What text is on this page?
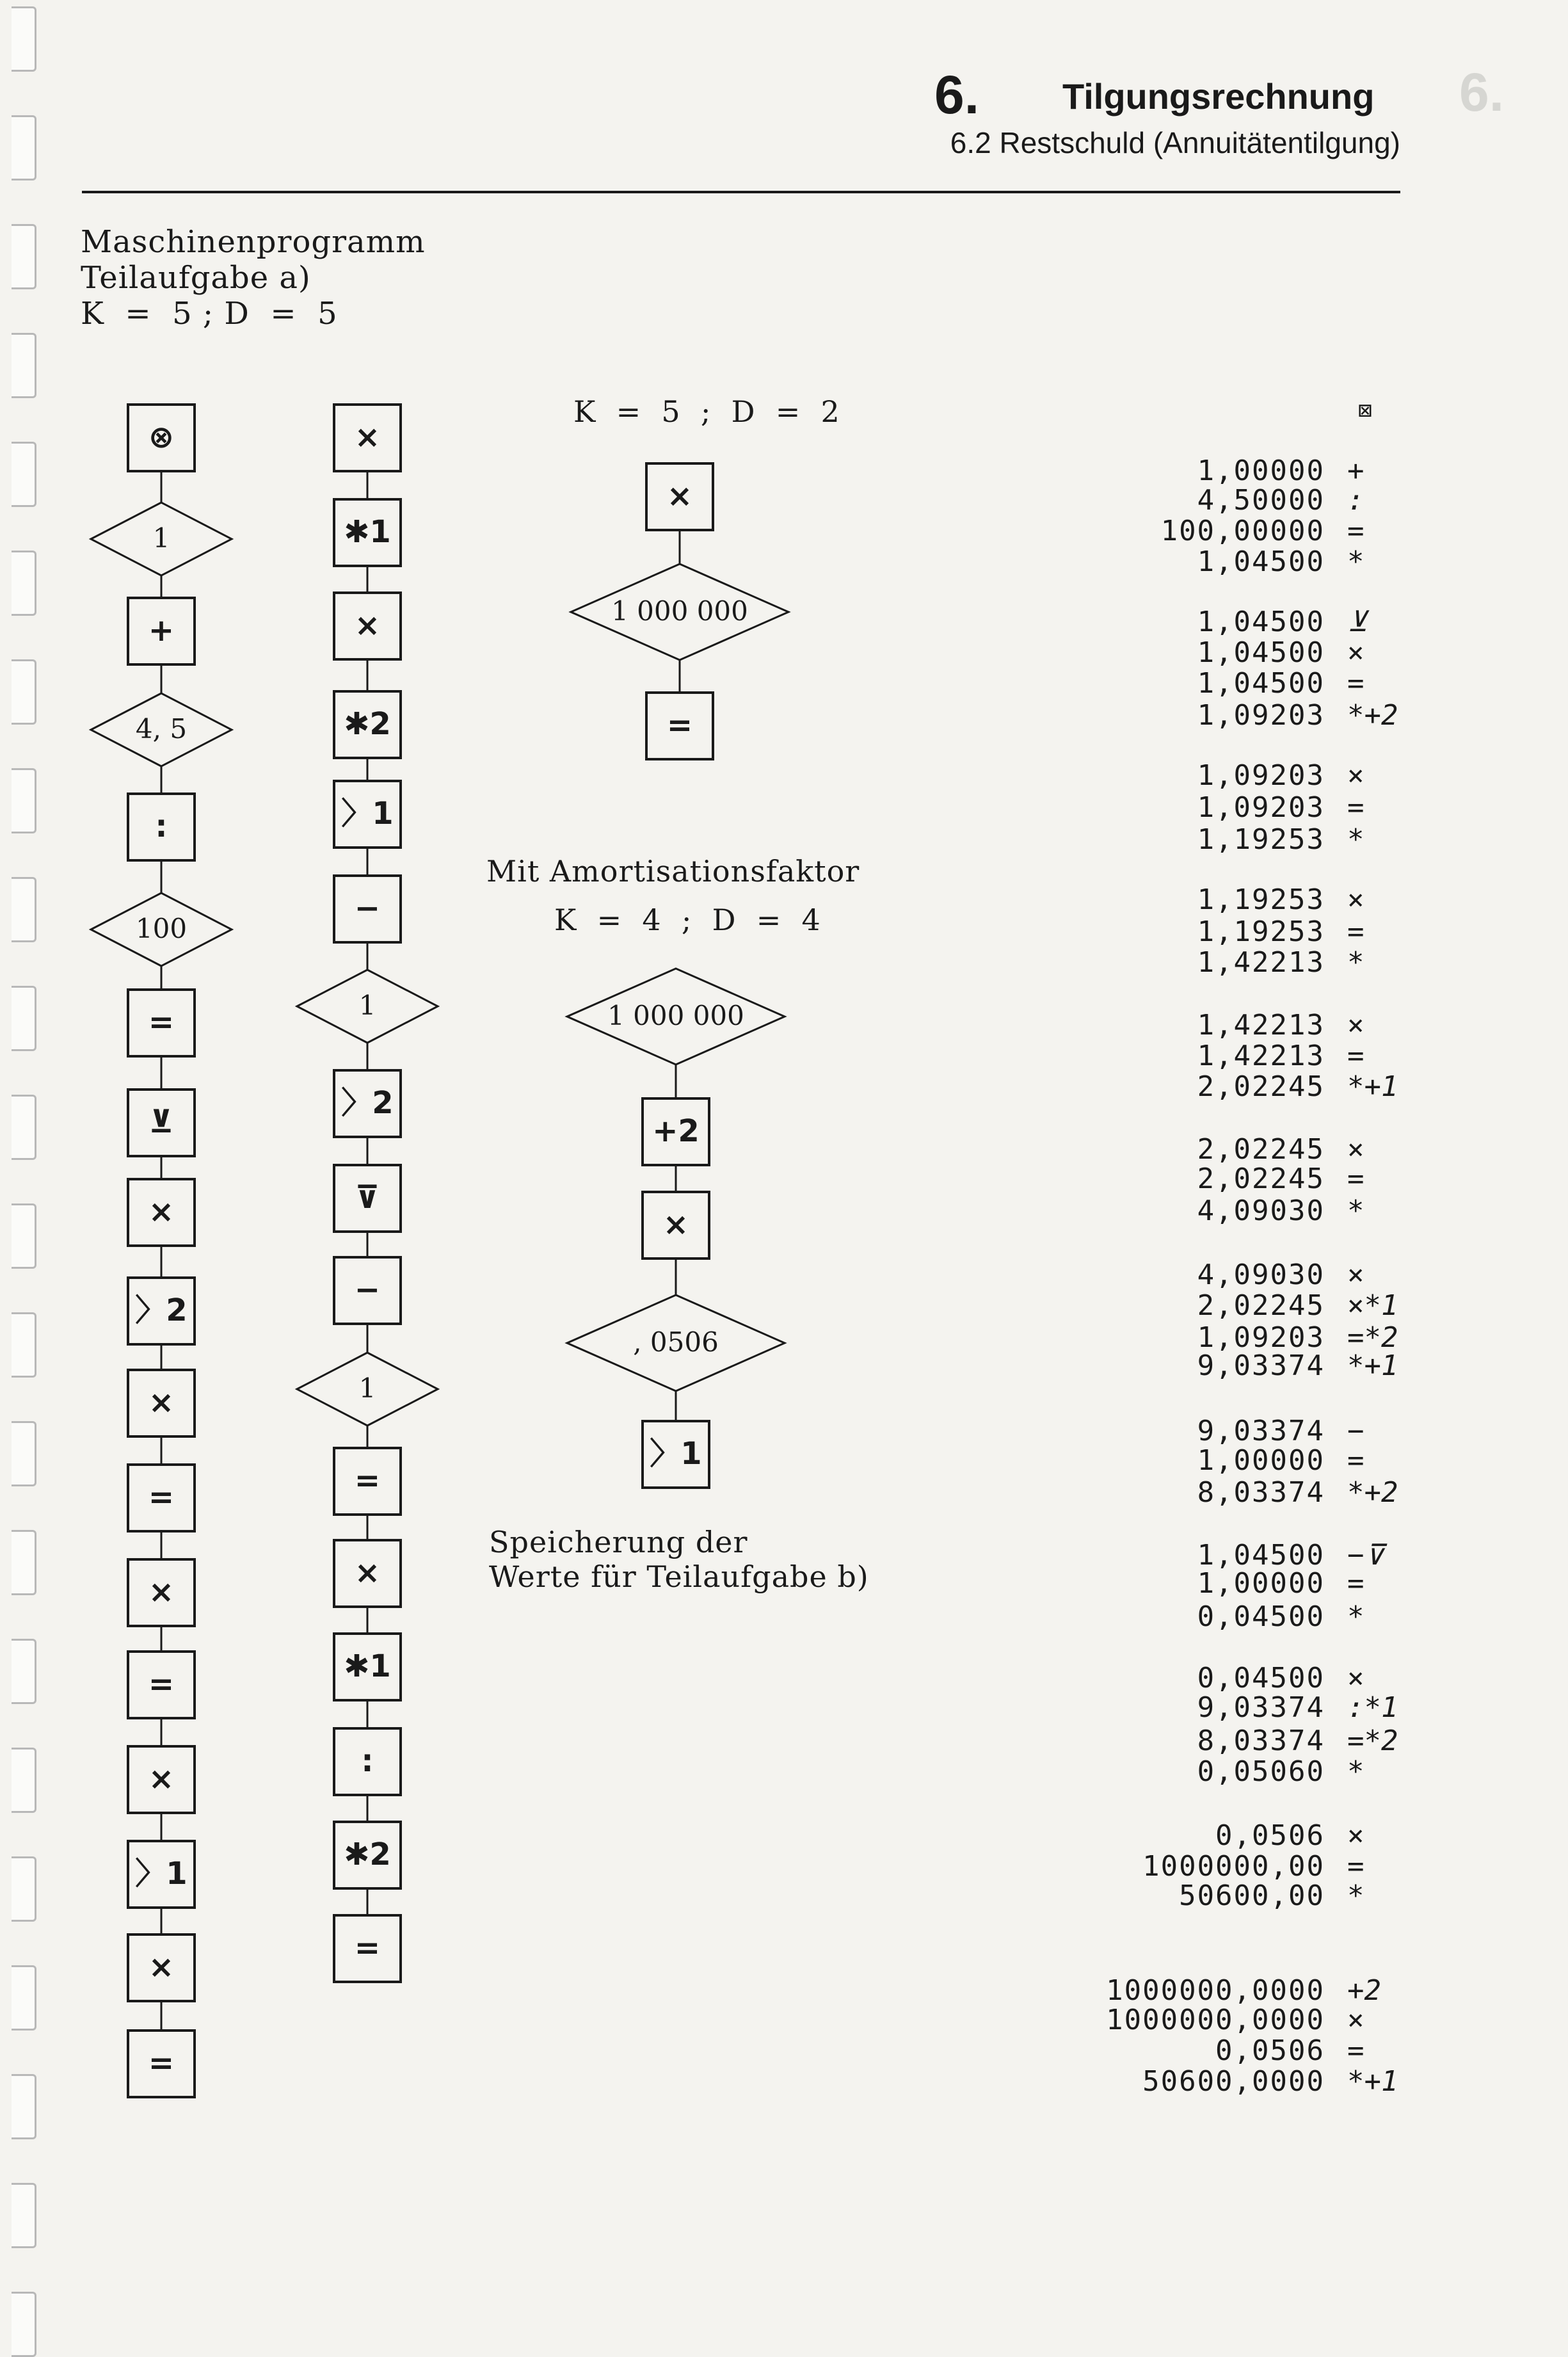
6.
6. Tilgungsrechnung
6.2 Restschuld (Annuitätentilgung)
Maschinenprogramm
Teilaufgabe a)
K  =  5 ; D  =  5
K  =  5  ;  D  =  2
Mit Amortisationsfaktor
K  =  4  ;  D  =  4
Speicherung der
Werte für Teilaufgabe b)
⊗
1
+
4, 5
:
100
=
⊻
×
〉2
×
=
×
=
×
〉1
×
=
×
✱1
×
✱2
〉1
−
1
〉2
⊽
−
1
=
×
✱1
:
✱2
=
×
1 000 000
=
1 000 000
+2
×
, 0506
〉1

⊠

1,00000 +
4,50000 :
100,00000 =
1,04500 *
1,04500 ⊻
1,04500 ×
1,04500 =
1,09203 *+2
1,09203 ×
1,09203 =
1,19253 *
1,19253 ×
1,19253 =
1,42213 *
1,42213 ×
1,42213 =
2,02245 *+1
2,02245 ×
2,02245 =
4,09030 *
4,09030 ×
2,02245 ×*1
1,09203 =*2
9,03374 *+1
9,03374 −
1,00000 =
8,03374 *+2
1,04500 −⊽
1,00000 =
0,04500 *
0,04500 ×
9,03374 :*1
8,03374 =*2
0,05060 *
0,0506 ×
1000000,00 =
50600,00 *
1000000,0000 +2
1000000,0000 ×
0,0506 =
50600,0000 *+1
